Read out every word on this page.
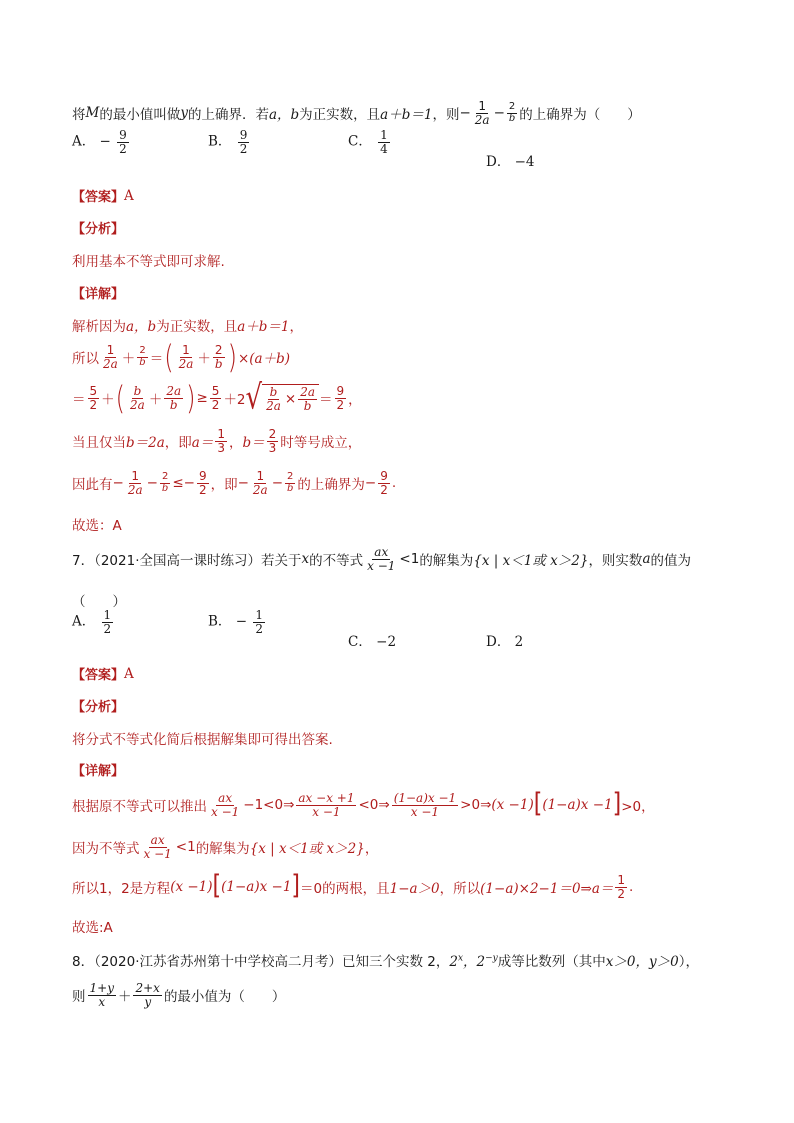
将 M 的最小值叫做 y 的上确界．若 a，b 为正实数，且 a＋b＝1 ，则 − $\frac{1}{2a} - \frac{2}{b}$ 的上确界为（　　）
A． − $\frac{9}{2}$	B． $\frac{9}{2}$	C． $\frac{1}{4}$
D． −4
【答案】 A
【分析】
利用基本不等式即可求解.
【详解】
解析因为 a，b 为正实数，且 a＋b＝1 ，
所以 $\frac{1}{2a} + \frac{2}{b}$ ＝ ( $\frac{1}{2a} + \frac{2}{b}$ ) ×(a＋b)
＝ $\frac{5}{2}$ ＋ ( $\frac{b}{2a} + \frac{2a}{b}$ ) ≥ $\frac{5}{2} +2$ √ $\frac{b}{2a} \times \frac{2a}{b} = \frac{9}{2}$ ，
当且仅当 b＝2a ，即 $a= \frac{1}{3}$ ， $b= \frac{2}{3}$ 时等号成立，
因此有 − $\frac{1}{2a} - \frac{2}{b} \le- \frac{9}{2}$ ，即 − $\frac{1}{2a} - \frac{2}{b}$ 的上确界为 − $\frac{9}{2}$ .
故选：A
7．（2021·全国高一课时练习）若关于 x 的不等式 $\frac{ax}{x -1} <1$ 的解集为 {x | x＜1或 x＞2} ，则实数 a 的值为
（　　）
A． $\frac{1}{2}$	B． − $\frac{1}{2}$
C． −2	D． 2
【答案】 A
【分析】
将分式不等式化简后根据解集即可得出答案.
【详解】
根据原不等式可以推出 $\frac{ax}{x -1}$ −1<0⇒ $\frac{ax -x +1}{x -1}$ <0⇒ $\frac{(1-a)x -1}{x -1}$ >0⇒ (x −1) [ (1−a)x −1 ] >0，
因为不等式 $\frac{ax}{x -1} <1$ 的解集为 {x | x＜1或 x＞2} ，
所以1，2是方程 (x −1) [ (1−a)x −1 ] ＝0 的两根，且 1−a＞0 ，所以 (1−a)×2−1＝0⇒a＝ $\frac{1}{2}$ .
故选:A
8．（2020·江苏省苏州第十中学校高二月考）已知三个实数 2， 2$^x$，$2^{-y}$ 成等比数列（其中 x＞0，y＞0 ），
则 $\frac{1+y}{x} + \frac{2+x}{y}$ 的最小值为（　　）
